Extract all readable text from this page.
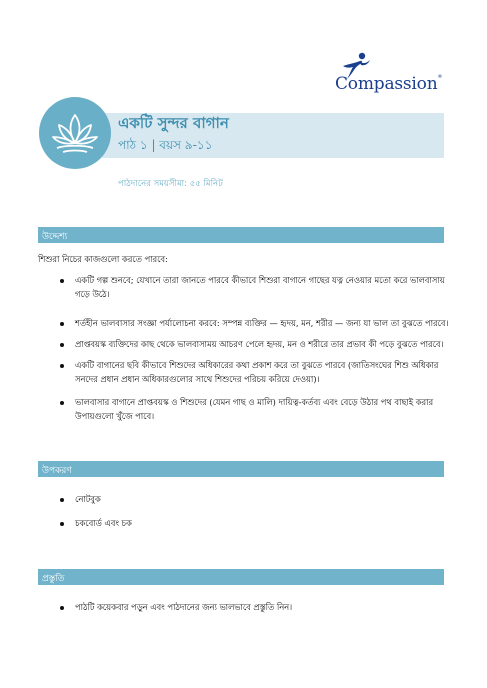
Compassion®
একটি সুন্দর বাগান
পাঠ ১ | বয়স ৯-১১
পাঠদানের সময়সীমা: ৫৫ মিনিট
উদ্দেশ্য
শিশুরা নিচের কাজগুলো করতে পারবে:
একটি গল্প শুনবে; যেখানে তারা জানতে পারবে কীভাবে শিশুরা বাগানে গাছের যত্ন নেওয়ার মতো করে ভালবাসায়
গড়ে উঠে।
শর্তহীন ভালবাসার সংজ্ঞা পর্যালোচনা করবে: সম্পন্ন ব্যক্তির — হৃদয়, মন, শরীর — জন্য যা ভাল তা বুঝতে পারবে।
প্রাপ্তবয়স্ক ব্যক্তিদের কাছ থেকে ভালবাসাময় আচরণ পেলে হৃদয়, মন ও শরীরে তার প্রভাব কী পড়ে বুঝতে পারবে।
একটি বাগানের ছবি কীভাবে শিশুদের অধিকারের কথা প্রকাশ করে তা বুঝতে পারবে (জাতিসংঘের শিশু অধিকার
সনদের প্রধান প্রধান অধিকারগুলোর সাথে শিশুদের পরিচয় করিয়ে দেওয়া)।
ভালবাসার বাগানে প্রাপ্তবয়স্ক ও শিশুদের (যেমন গাছ ও মালি) দায়িত্ব-কর্তব্য এবং বেড়ে উঠার পথ বাছাই করার
উপায়গুলো খুঁজে পাবে।
উপকরণ
নোটবুক
চকবোর্ড এবং চক
প্রস্তুতি
পাঠটি কয়েকবার পড়ুন এবং পাঠদানের জন্য ভালভাবে প্রস্তুতি নিন।
